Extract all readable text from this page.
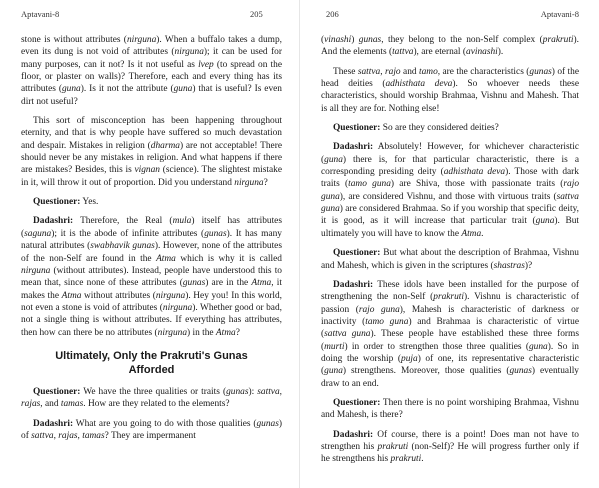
Aptavani-8	205

stone is without attributes (nirguna). When a buffalo takes a dump, even its dung is not void of attributes (nirguna); it can be used for many purposes, can it not? Is it not useful as lvep (to spread on the floor, or plaster on walls)? Therefore, each and every thing has its attributes (guna). Is it not the attribute (guna) that is useful? Is even dirt not useful?

This sort of misconception has been happening throughout eternity, and that is why people have suffered so much devastation and despair. Mistakes in religion (dharma) are not acceptable! There should never be any mistakes in religion. And what happens if there are mistakes? Besides, this is vignan (science). The slightest mistake in it, will throw it out of proportion. Did you understand nirguna?

Questioner: Yes.

Dadashri: Therefore, the Real (mula) itself has attributes (saguna); it is the abode of infinite attributes (gunas). It has many natural attributes (swabhavik gunas). However, none of the attributes of the non-Self are found in the Atma which is why it is called nirguna (without attributes). Instead, people have understood this to mean that, since none of these attributes (gunas) are in the Atma, it makes the Atma without attributes (nirguna). Hey you! In this world, not even a stone is void of attributes (nirguna). Whether good or bad, not a single thing is without attributes. If everything has attributes, then how can there be no attributes (nirguna) in the Atma?

Ultimately, Only the Prakruti's Gunas
Afforded

Questioner: We have the three qualities or traits (gunas): sattva, rajas, and tamas. How are they related to the elements?

Dadashri: What are you going to do with those qualities (gunas) of sattva, rajas, tamas? They are impermanent

206	Aptavani-8

(vinashi) gunas, they belong to the non-Self complex (prakruti). And the elements (tattva), are eternal (avinashi).

These sattva, rajo and tamo, are the characteristics (gunas) of the head deities (adhisthata deva). So whoever needs these characteristics, should worship Brahmaa, Vishnu and Mahesh. That is all they are for. Nothing else!

Questioner: So are they considered deities?

Dadashri: Absolutely! However, for whichever characteristic (guna) there is, for that particular characteristic, there is a corresponding presiding deity (adhisthata deva). Those with dark traits (tamo guna) are Shiva, those with passionate traits (rajo guna), are considered Vishnu, and those with virtuous traits (sattva guna) are considered Brahmaa. So if you worship that specific deity, it is good, as it will increase that particular trait (guna). But ultimately you will have to know the Atma.

Questioner: But what about the description of Brahmaa, Vishnu and Mahesh, which is given in the scriptures (shastras)?

Dadashri: These idols have been installed for the purpose of strengthening the non-Self (prakruti). Vishnu is characteristic of passion (rajo guna), Mahesh is characteristic of darkness or inactivity (tamo guna) and Brahmaa is characteristic of virtue (sattva guna). These people have established these three forms (murti) in order to strengthen those three qualities (guna). So in doing the worship (puja) of one, its representative characteristic (guna) strengthens. Moreover, those qualities (gunas) eventually draw to an end.

Questioner: Then there is no point worshiping Brahmaa, Vishnu and Mahesh, is there?

Dadashri: Of course, there is a point! Does man not have to strengthen his prakruti (non-Self)? He will progress further only if he strengthens his prakruti.
